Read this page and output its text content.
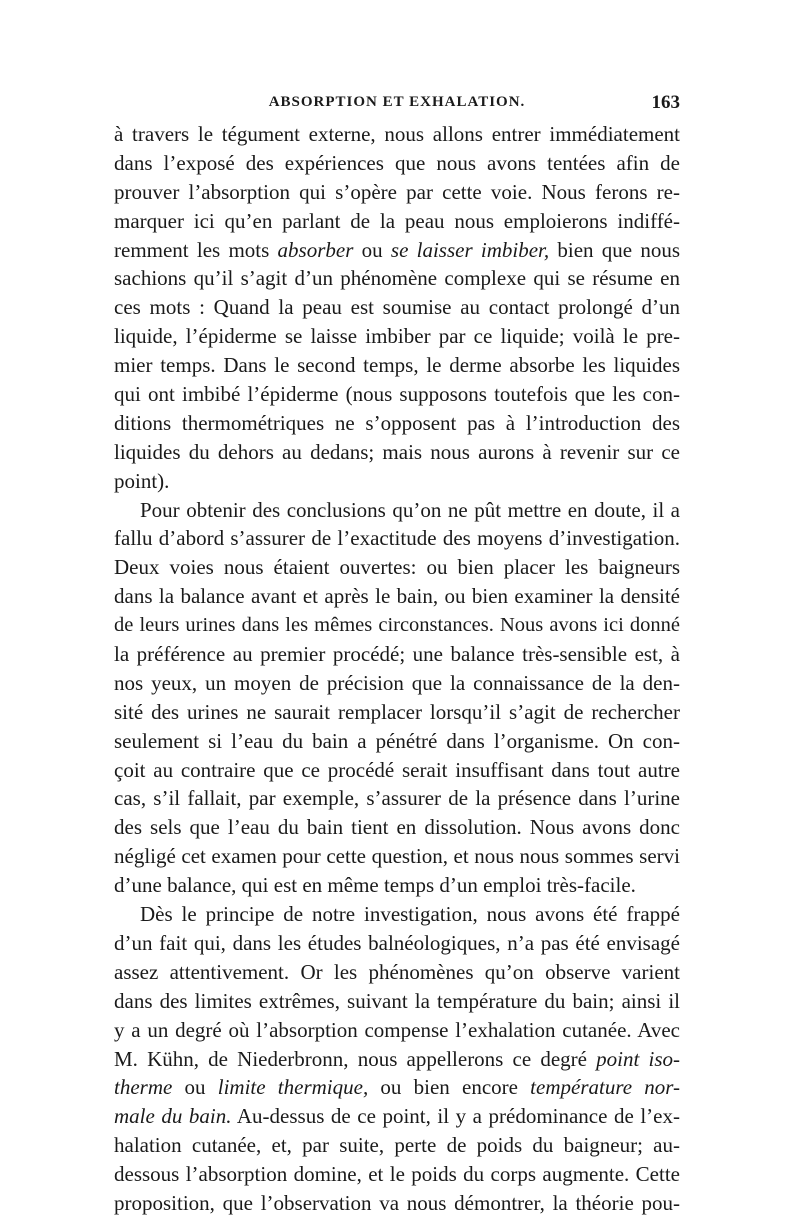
ABSORPTION ET EXHALATION.	163
à travers le tégument externe, nous allons entrer immédiatement
dans l’exposé des expériences que nous avons tentées afin de
prouver l’absorption qui s’opère par cette voie. Nous ferons re-
marquer ici qu’en parlant de la peau nous emploierons indiffé-
remment les mots absorber ou se laisser imbiber, bien que nous
sachions qu’il s’agit d’un phénomène complexe qui se résume en
ces mots : Quand la peau est soumise au contact prolongé d’un
liquide, l’épiderme se laisse imbiber par ce liquide; voilà le pre-
mier temps. Dans le second temps, le derme absorbe les liquides
qui ont imbibé l’épiderme (nous supposons toutefois que les con-
ditions thermométriques ne s’opposent pas à l’introduction des
liquides du dehors au dedans; mais nous aurons à revenir sur ce
point).
Pour obtenir des conclusions qu’on ne pût mettre en doute, il a
fallu d’abord s’assurer de l’exactitude des moyens d’investigation.
Deux voies nous étaient ouvertes: ou bien placer les baigneurs
dans la balance avant et après le bain, ou bien examiner la densité
de leurs urines dans les mêmes circonstances. Nous avons ici donné
la préférence au premier procédé; une balance très-sensible est, à
nos yeux, un moyen de précision que la connaissance de la den-
sité des urines ne saurait remplacer lorsqu’il s’agit de rechercher
seulement si l’eau du bain a pénétré dans l’organisme. On con-
çoit au contraire que ce procédé serait insuffisant dans tout autre
cas, s’il fallait, par exemple, s’assurer de la présence dans l’urine
des sels que l’eau du bain tient en dissolution. Nous avons donc
négligé cet examen pour cette question, et nous nous sommes servi
d’une balance, qui est en même temps d’un emploi très-facile.
Dès le principe de notre investigation, nous avons été frappé
d’un fait qui, dans les études balnéologiques, n’a pas été envisagé
assez attentivement. Or les phénomènes qu’on observe varient
dans des limites extrêmes, suivant la température du bain; ainsi il
y a un degré où l’absorption compense l’exhalation cutanée. Avec
M. Kühn, de Niederbronn, nous appellerons ce degré point iso-
therme ou limite thermique, ou bien encore température nor-
male du bain. Au-dessus de ce point, il y a prédominance de l’ex-
halation cutanée, et, par suite, perte de poids du baigneur; au-
dessous l’absorption domine, et le poids du corps augmente. Cette
proposition, que l’observation va nous démontrer, la théorie pou-
